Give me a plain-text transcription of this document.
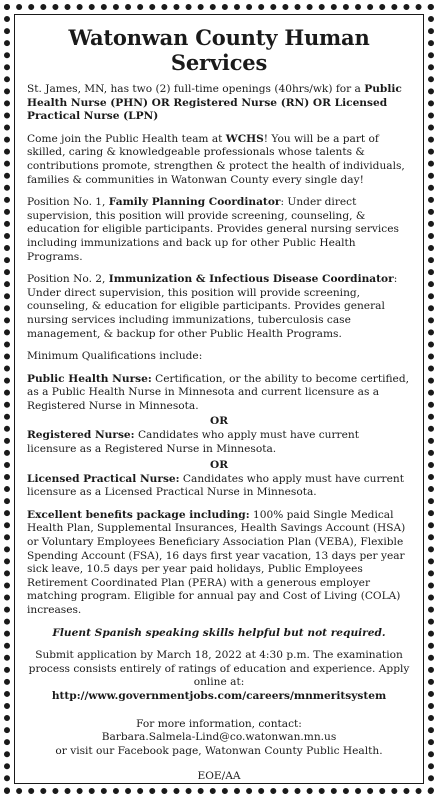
Watonwan County Human Services

St. James, MN, has two (2) full-time openings (40hrs/wk) for a Public Health Nurse (PHN) OR Registered Nurse (RN) OR Licensed Practical Nurse (LPN)

Come join the Public Health team at WCHS! You will be a part of skilled, caring & knowledgeable professionals whose talents & contributions promote, strengthen & protect the health of individuals, families & communities in Watonwan County every single day!

Position No. 1, Family Planning Coordinator: Under direct supervision, this position will provide screening, counseling, & education for eligible participants. Provides general nursing services including immunizations and back up for other Public Health Programs.

Position No. 2, Immunization & Infectious Disease Coordinator: Under direct supervision, this position will provide screening, counseling, & education for eligible participants. Provides general nursing services including immunizations, tuberculosis case management, & backup for other Public Health Programs.

Minimum Qualifications include:

Public Health Nurse: Certification, or the ability to become certified, as a Public Health Nurse in Minnesota and current licensure as a Registered Nurse in Minnesota.

OR

Registered Nurse: Candidates who apply must have current licensure as a Registered Nurse in Minnesota.

OR

Licensed Practical Nurse: Candidates who apply must have current licensure as a Licensed Practical Nurse in Minnesota.

Excellent benefits package including: 100% paid Single Medical Health Plan, Supplemental Insurances, Health Savings Account (HSA) or Voluntary Employees Beneficiary Association Plan (VEBA), Flexible Spending Account (FSA), 16 days first year vacation, 13 days per year sick leave, 10.5 days per year paid holidays, Public Employees Retirement Coordinated Plan (PERA) with a generous employer matching program. Eligible for annual pay and Cost of Living (COLA) increases.

Fluent Spanish speaking skills helpful but not required.

Submit application by March 18, 2022 at 4:30 p.m. The examination process consists entirely of ratings of education and experience. Apply online at: http://www.governmentjobs.com/careers/mnmeritsystem

For more information, contact:
Barbara.Salmela-Lind@co.watonwan.mn.us
or visit our Facebook page, Watonwan County Public Health.

EOE/AA
